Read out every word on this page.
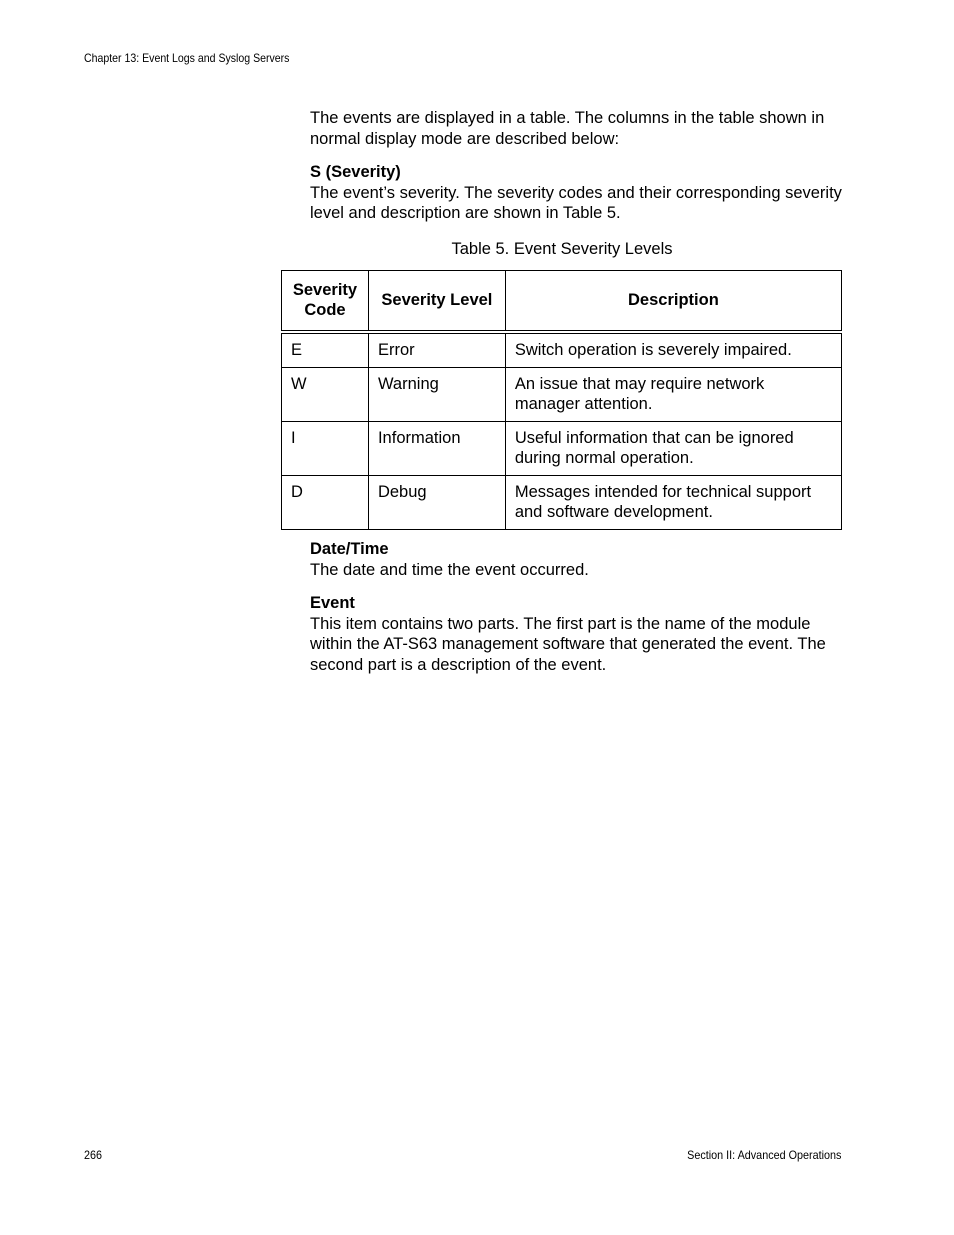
Chapter 13: Event Logs and Syslog Servers

The events are displayed in a table. The columns in the table shown in normal display mode are described below:

S (Severity)

The event’s severity. The severity codes and their corresponding severity level and description are shown in Table 5.

Table 5. Event Severity Levels
Severity Code	Severity Level	Description
E	Error	Switch operation is severely impaired.
W	Warning	An issue that may require network manager attention.
I	Information	Useful information that can be ignored during normal operation.
D	Debug	Messages intended for technical support and software development.

Date/Time

The date and time the event occurred.

Event

This item contains two parts. The first part is the name of the module within the AT-S63 management software that generated the event. The second part is a description of the event.

266	Section II: Advanced Operations
